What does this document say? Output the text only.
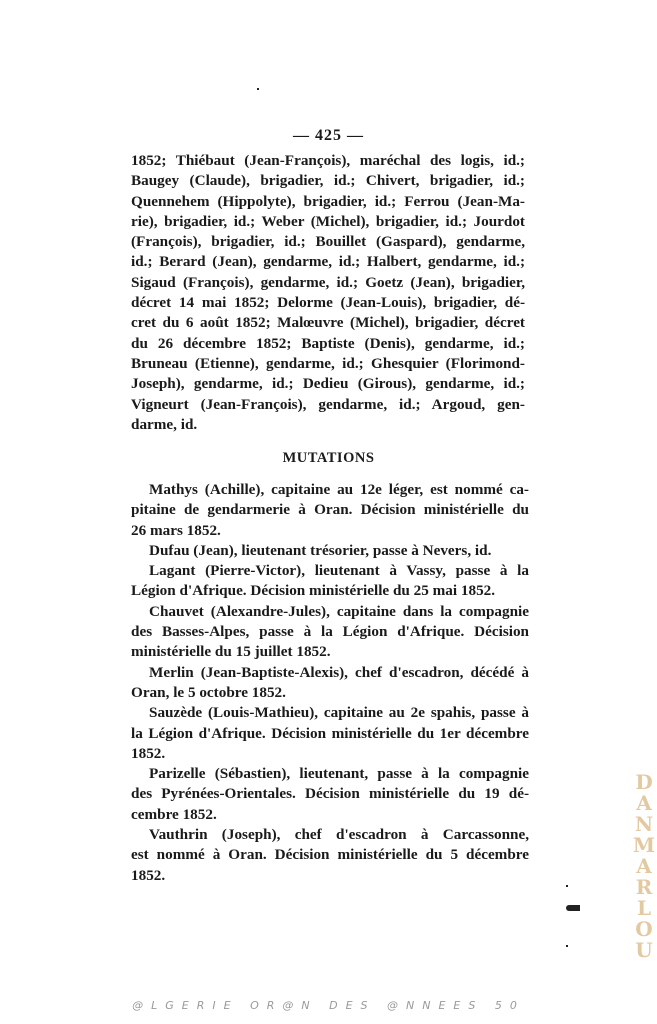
— 425 —
1852; Thiébaut (Jean-François), maréchal des logis, id.;
Baugey (Claude), brigadier, id.; Chivert, brigadier, id.;
Quennehem (Hippolyte), brigadier, id.; Ferrou (Jean-Ma-
rie), brigadier, id.; Weber (Michel), brigadier, id.; Jourdot
(François), brigadier, id.; Bouillet (Gaspard), gendarme,
id.; Berard (Jean), gendarme, id.; Halbert, gendarme, id.;
Sigaud (François), gendarme, id.; Goetz (Jean), brigadier,
décret 14 mai 1852; Delorme (Jean-Louis), brigadier, dé-
cret du 6 août 1852; Malœuvre (Michel), brigadier, décret
du 26 décembre 1852; Baptiste (Denis), gendarme, id.;
Bruneau (Etienne), gendarme, id.; Ghesquier (Florimond-
Joseph), gendarme, id.; Dedieu (Girous), gendarme, id.;
Vigneurt (Jean-François), gendarme, id.; Argoud, gen-
darme, id.
MUTATIONS
Mathys (Achille), capitaine au 12e léger, est nommé ca-
pitaine de gendarmerie à Oran. Décision ministérielle du
26 mars 1852.
Dufau (Jean), lieutenant trésorier, passe à Nevers, id.
Lagant (Pierre-Victor), lieutenant à Vassy, passe à la
Légion d'Afrique. Décision ministérielle du 25 mai 1852.
Chauvet (Alexandre-Jules), capitaine dans la compagnie
des Basses-Alpes, passe à la Légion d'Afrique. Décision
ministérielle du 15 juillet 1852.
Merlin (Jean-Baptiste-Alexis), chef d'escadron, décédé à
Oran, le 5 octobre 1852.
Sauzède (Louis-Mathieu), capitaine au 2e spahis, passe à
la Légion d'Afrique. Décision ministérielle du 1er décembre
1852.
Parizelle (Sébastien), lieutenant, passe à la compagnie
des Pyrénées-Orientales. Décision ministérielle du 19 dé-
cembre 1852.
Vauthrin (Joseph), chef d'escadron à Carcassonne,
est nommé à Oran. Décision ministérielle du 5 décembre
1852.
D
A
N
M
A
R
L
O
U
@LGERIE OR@N DES @NNEES 50
